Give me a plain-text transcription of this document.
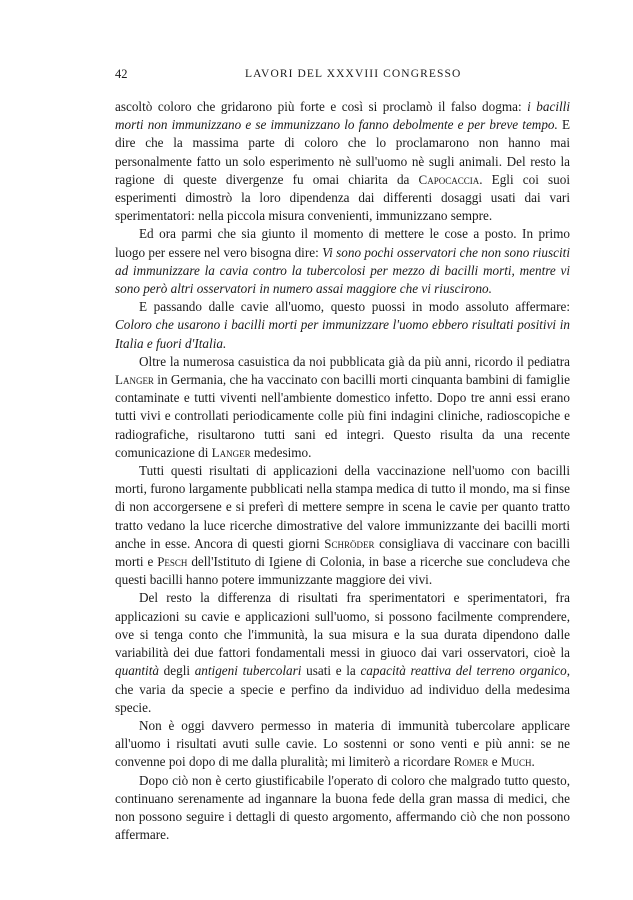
42	LAVORI DEL XXXVIII CONGRESSO

ascoltò coloro che gridarono più forte e così si proclamò il falso dogma: i bacilli morti non immunizzano e se immunizzano lo fanno debolmente e per breve tempo. E dire che la massima parte di coloro che lo proclamarono non hanno mai personalmente fatto un solo esperimento nè sull'uomo nè sugli animali. Del resto la ragione di queste divergenze fu omai chiarita da Capocaccia. Egli coi suoi esperimenti dimostrò la loro dipendenza dai differenti dosaggi usati dai vari sperimentatori: nella piccola misura convenienti, immunizzano sempre.

Ed ora parmi che sia giunto il momento di mettere le cose a posto. In primo luogo per essere nel vero bisogna dire: Vi sono pochi osservatori che non sono riusciti ad immunizzare la cavia contro la tubercolosi per mezzo di bacilli morti, mentre vi sono però altri osservatori in numero assai maggiore che vi riuscirono.

E passando dalle cavie all'uomo, questo puossi in modo assoluto affermare: Coloro che usarono i bacilli morti per immunizzare l'uomo ebbero risultati positivi in Italia e fuori d'Italia.

Oltre la numerosa casuistica da noi pubblicata già da più anni, ricordo il pediatra Langer in Germania, che ha vaccinato con bacilli morti cinquanta bambini di famiglie contaminate e tutti viventi nell'ambiente domestico infetto. Dopo tre anni essi erano tutti vivi e controllati periodicamente colle più fini indagini cliniche, radioscopiche e radiografiche, risultarono tutti sani ed integri. Questo risulta da una recente comunicazione di Langer medesimo.

Tutti questi risultati di applicazioni della vaccinazione nell'uomo con bacilli morti, furono largamente pubblicati nella stampa medica di tutto il mondo, ma si finse di non accorgersene e si preferì di mettere sempre in scena le cavie per quanto tratto tratto vedano la luce ricerche dimostrative del valore immunizzante dei bacilli morti anche in esse. Ancora di questi giorni Schröder consigliava di vaccinare con bacilli morti e Pesch dell'Istituto di Igiene di Colonia, in base a ricerche sue concludeva che questi bacilli hanno potere immunizzante maggiore dei vivi.

Del resto la differenza di risultati fra sperimentatori e sperimentatori, fra applicazioni su cavie e applicazioni sull'uomo, si possono facilmente comprendere, ove si tenga conto che l'immunità, la sua misura e la sua durata dipendono dalle variabilità dei due fattori fondamentali messi in giuoco dai vari osservatori, cioè la quantità degli antigeni tubercolari usati e la capacità reattiva del terreno organico, che varia da specie a specie e perfino da individuo ad individuo della medesima specie.

Non è oggi davvero permesso in materia di immunità tubercolare applicare all'uomo i risultati avuti sulle cavie. Lo sostenni or sono venti e più anni: se ne convenne poi dopo di me dalla pluralità; mi limiterò a ricordare Romer e Much.

Dopo ciò non è certo giustificabile l'operato di coloro che malgrado tutto questo, continuano serenamente ad ingannare la buona fede della gran massa di medici, che non possono seguire i dettagli di questo argomento, affermando ciò che non possono affermare.
